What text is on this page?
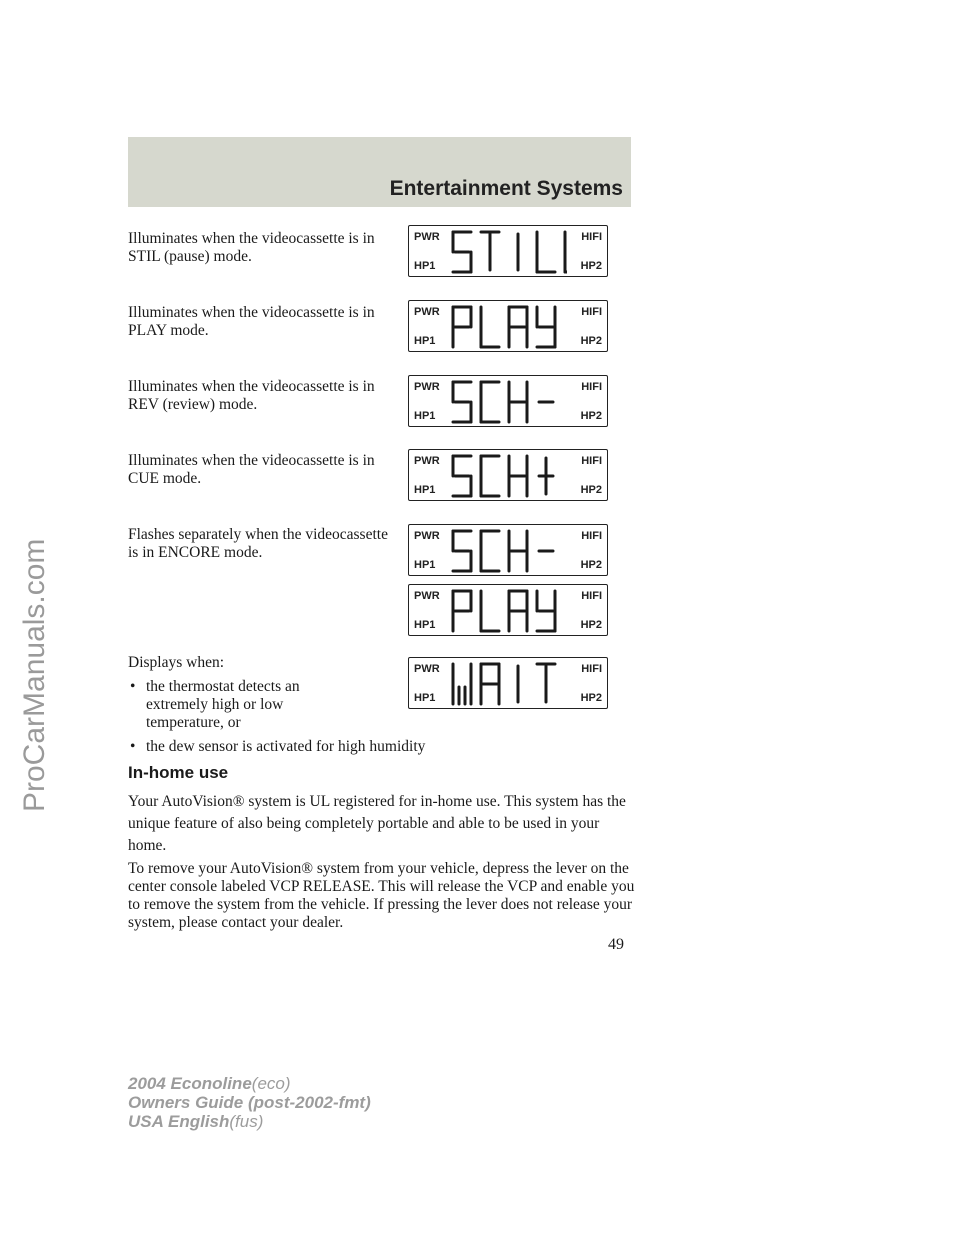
Entertainment Systems
ProCarManuals.com

Illuminates when the videocassette is in STIL (pause) mode.

Illuminates when the videocassette is in PLAY mode.

Illuminates when the videocassette is in REV (review) mode.

Illuminates when the videocassette is in CUE mode.

Flashes separately when the videocassette is in ENCORE mode.

Displays when:

PWR	HIFI
HP1	HP2
PWR	HIFI
HP1	HP2
PWR	HIFI
HP1	HP2
PWR	HIFI
HP1	HP2
PWR	HIFI
HP1	HP2
PWR	HIFI
HP1	HP2
PWR	HIFI
HP1	HP2
• the thermostat detects an extremely high or low temperature, or
• the dew sensor is activated for high humidity
In-home use

Your AutoVision® system is UL registered for in-home use. This system has the unique feature of also being completely portable and able to be used in your home.

To remove your AutoVision® system from your vehicle, depress the lever on the center console labeled VCP RELEASE. This will release the VCP and enable you to remove the system from the vehicle. If pressing the lever does not release your system, please contact your dealer.

49
2004 Econoline(eco)
Owners Guide (post-2002-fmt)
USA English(fus)
